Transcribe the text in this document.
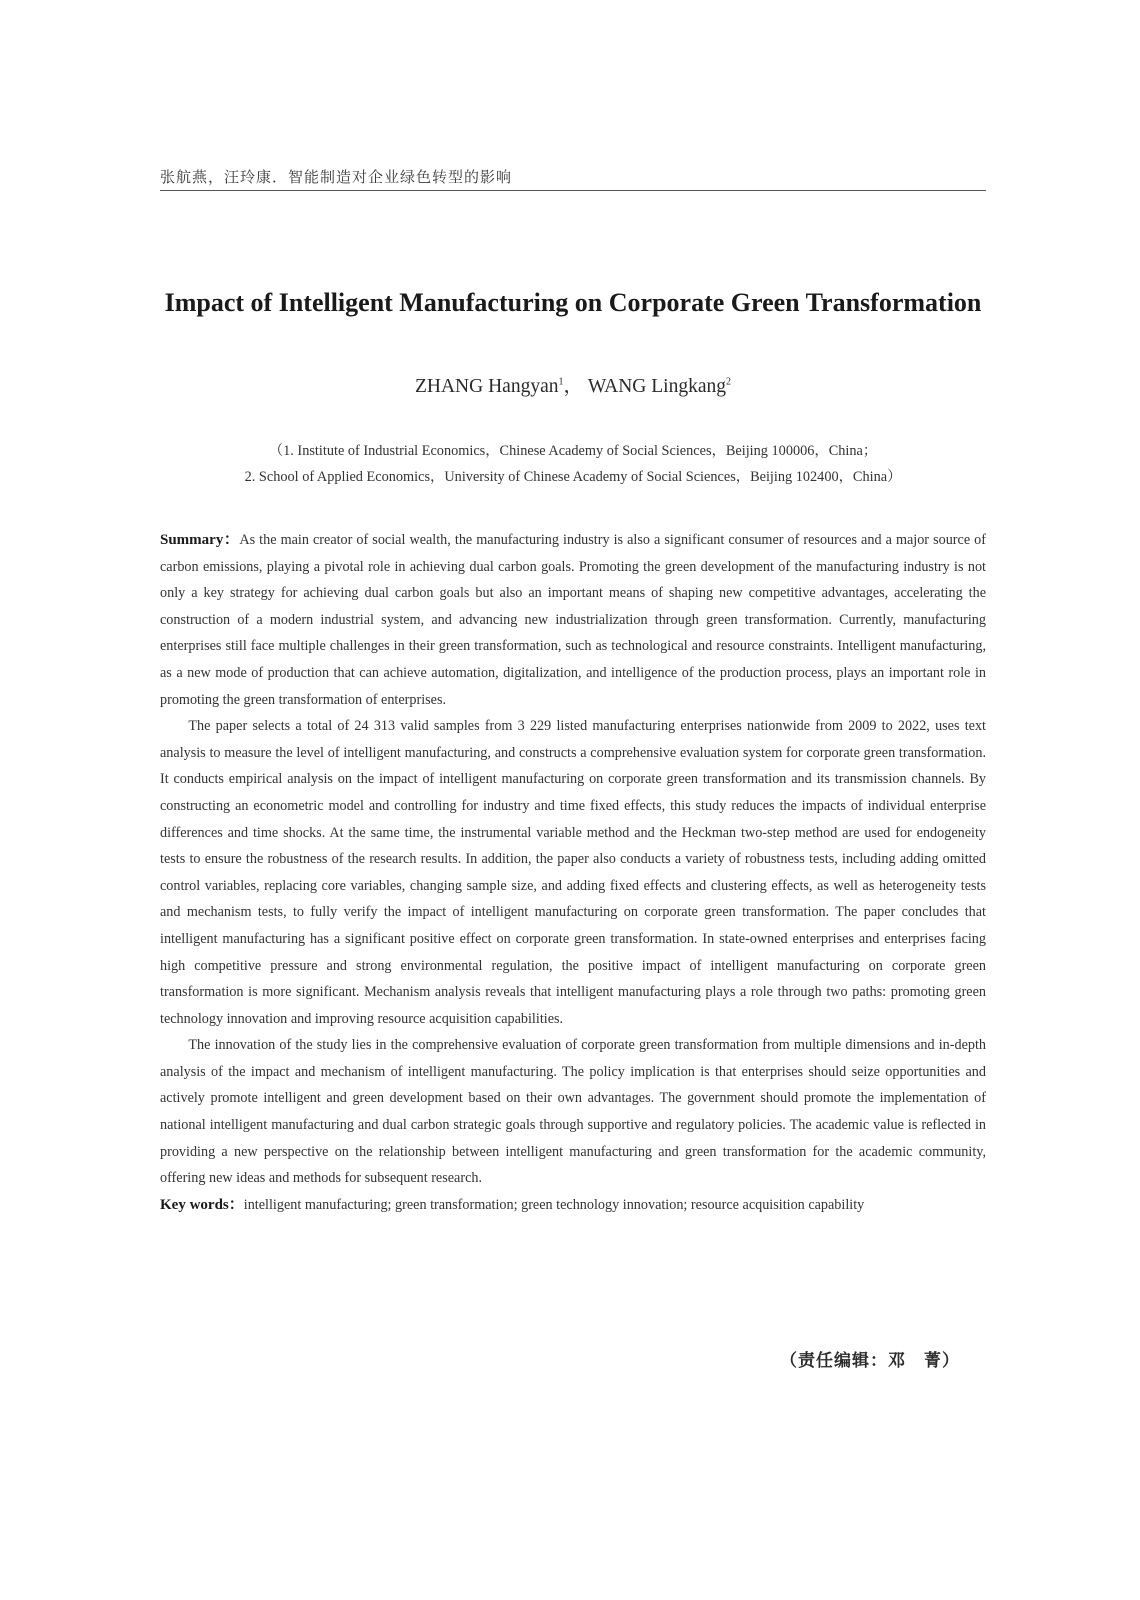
张航燕，汪玲康．智能制造对企业绿色转型的影响
Impact of Intelligent Manufacturing on Corporate Green Transformation
ZHANG Hangyan$^1$， WANG Lingkang$^2$
（1. Institute of Industrial Economics，Chinese Academy of Social Sciences，Beijing 100006，China；
2. School of Applied Economics，University of Chinese Academy of Social Sciences，Beijing 102400，China）

Summary：As the main creator of social wealth, the manufacturing industry is also a significant consumer of resources and a major source of carbon emissions, playing a pivotal role in achieving dual carbon goals. Promoting the green development of the manufacturing industry is not only a key strategy for achieving dual carbon goals but also an important means of shaping new competitive advantages, accelerating the construction of a modern industrial system, and advancing new industrialization through green transformation. Currently, manufacturing enterprises still face multiple challenges in their green transformation, such as technological and resource constraints. Intelligent manufacturing, as a new mode of production that can achieve automation, digitalization, and intelligence of the production process, plays an important role in promoting the green transformation of enterprises.

The paper selects a total of 24 313 valid samples from 3 229 listed manufacturing enterprises nationwide from 2009 to 2022, uses text analysis to measure the level of intelligent manufacturing, and constructs a comprehensive evaluation system for corporate green transformation. It conducts empirical analysis on the impact of intelligent manufacturing on corporate green transformation and its transmission channels. By constructing an econometric model and controlling for industry and time fixed effects, this study reduces the impacts of individual enterprise differences and time shocks. At the same time, the instrumental variable method and the Heckman two-step method are used for endogeneity tests to ensure the robustness of the research results. In addition, the paper also conducts a variety of robustness tests, including adding omitted control variables, replacing core variables, changing sample size, and adding fixed effects and clustering effects, as well as heterogeneity tests and mechanism tests, to fully verify the impact of intelligent manufacturing on corporate green transformation. The paper concludes that intelligent manufacturing has a significant positive effect on corporate green transformation. In state-owned enterprises and enterprises facing high competitive pressure and strong environmental regulation, the positive impact of intelligent manufacturing on corporate green transformation is more significant. Mechanism analysis reveals that intelligent manufacturing plays a role through two paths: promoting green technology innovation and improving resource acquisition capabilities.

The innovation of the study lies in the comprehensive evaluation of corporate green transformation from multiple dimensions and in-depth analysis of the impact and mechanism of intelligent manufacturing. The policy implication is that enterprises should seize opportunities and actively promote intelligent and green development based on their own advantages. The government should promote the implementation of national intelligent manufacturing and dual carbon strategic goals through supportive and regulatory policies. The academic value is reflected in providing a new perspective on the relationship between intelligent manufacturing and green transformation for the academic community, offering new ideas and methods for subsequent research.

Key words：intelligent manufacturing; green transformation; green technology innovation; resource acquisition capability

（责任编辑：邓　菁）
